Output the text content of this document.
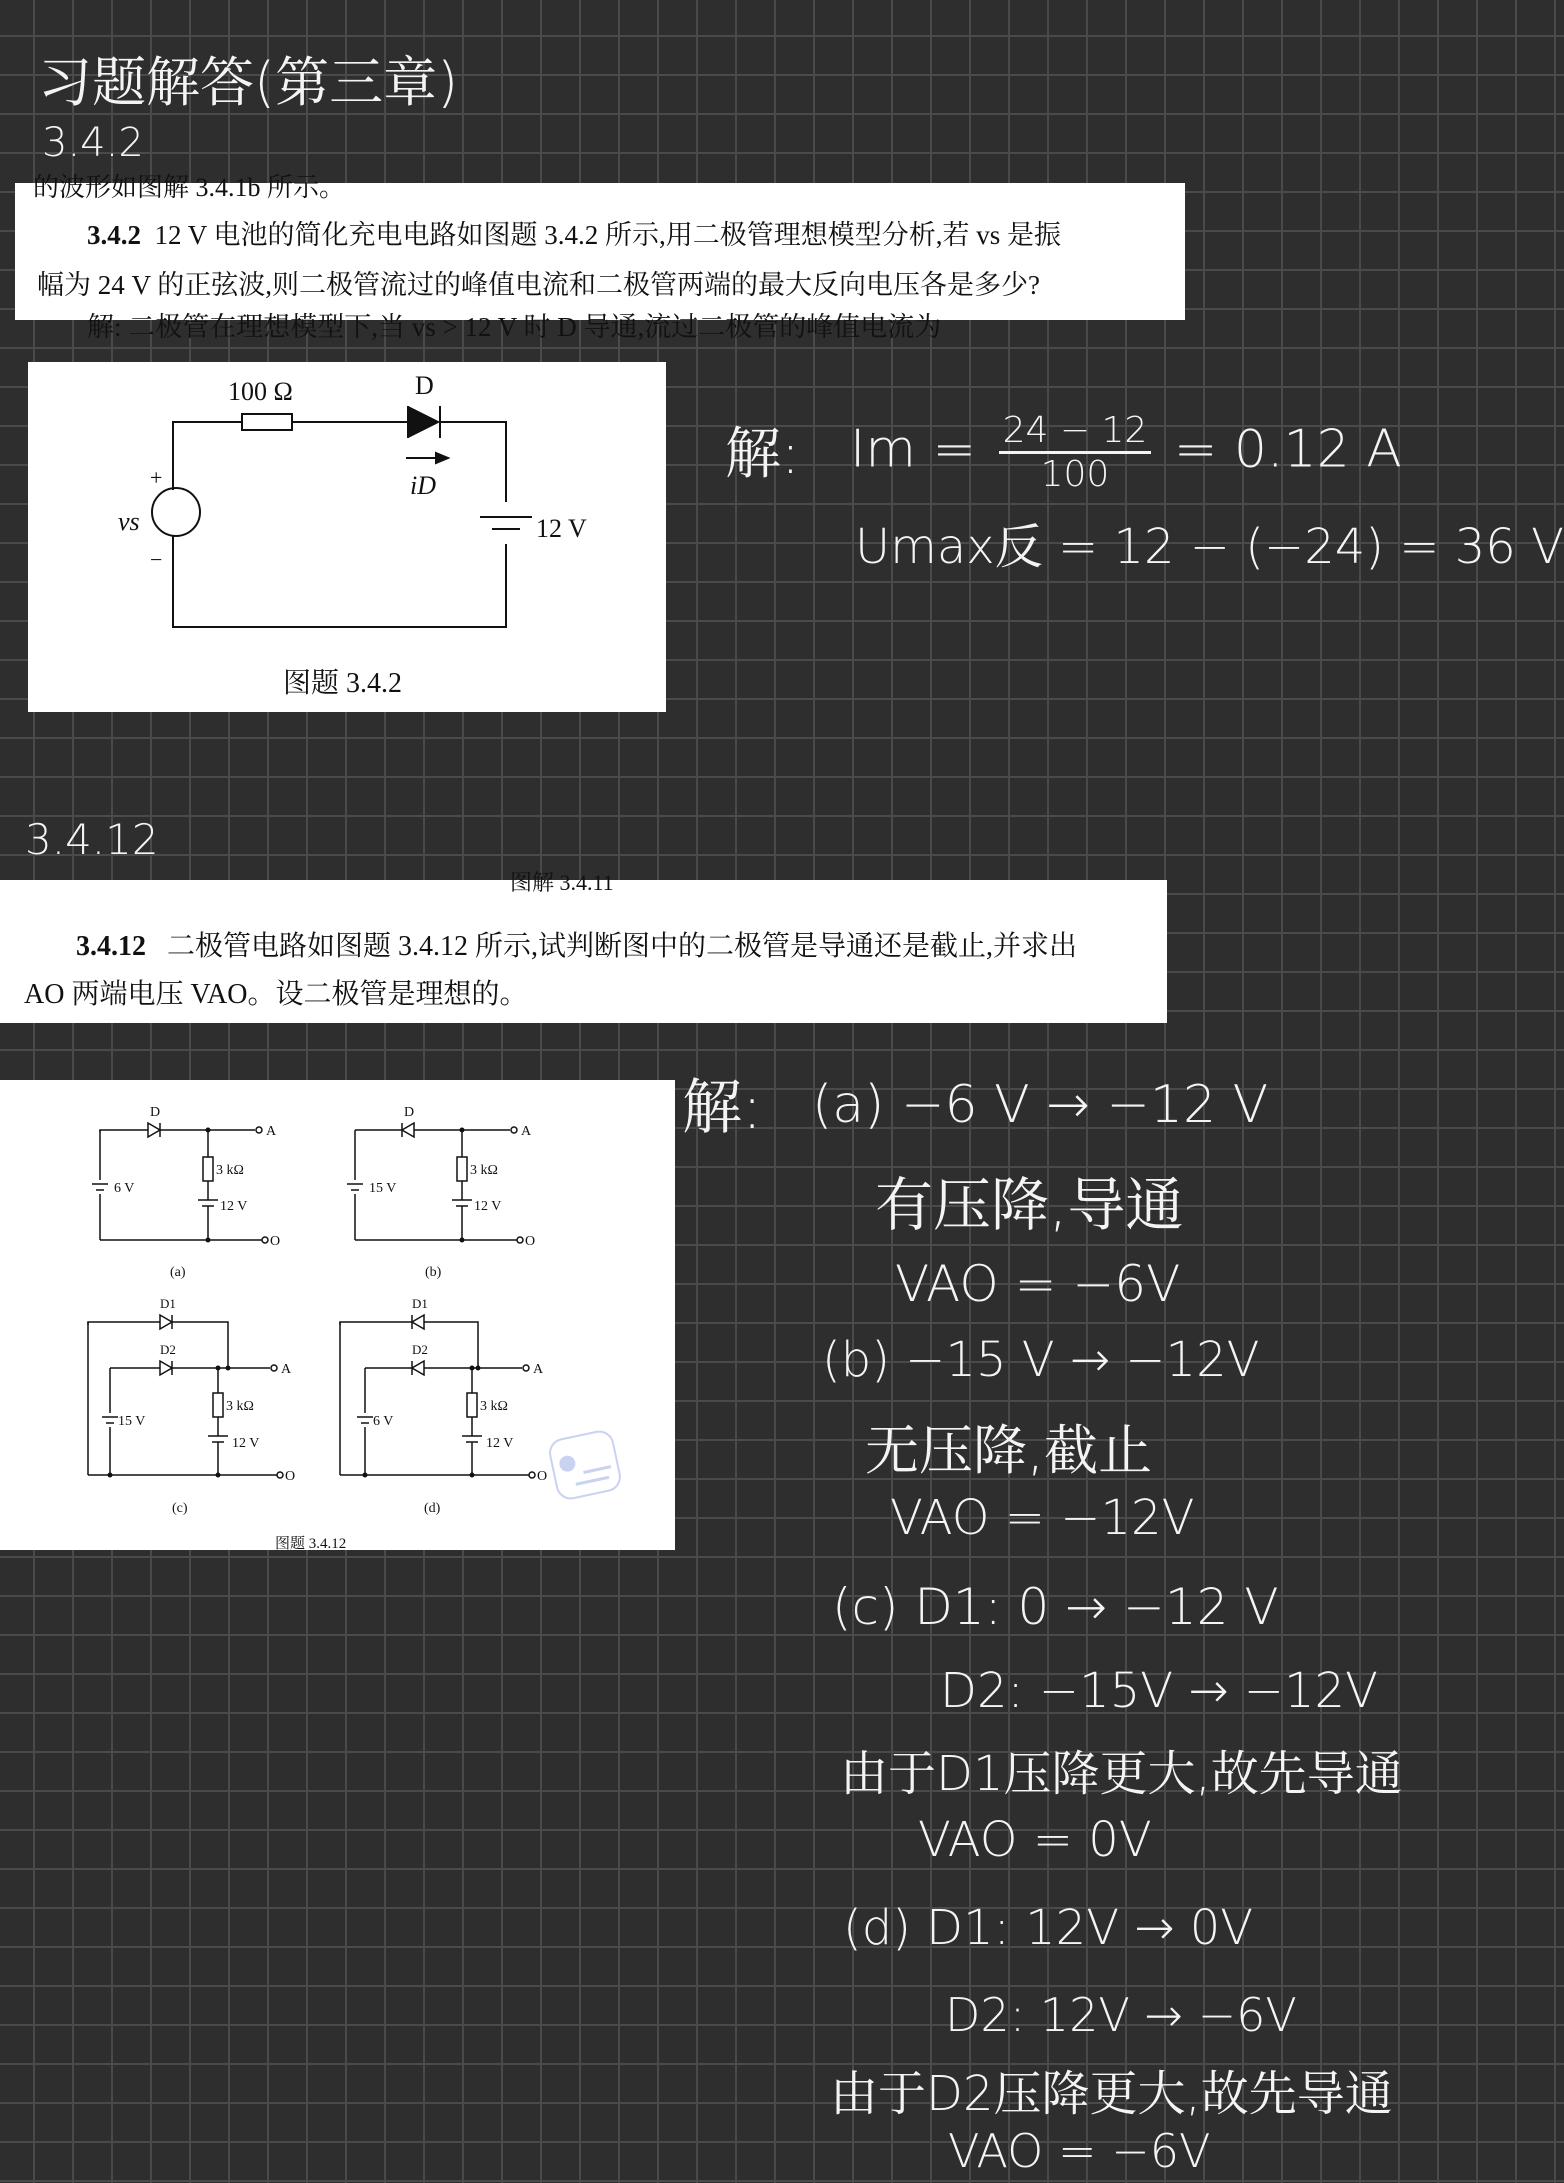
习题解答(第三章)
3.4.2
的波形如图解 3.4.1b 所示。
3.4.2 12 V 电池的简化充电电路如图题 3.4.2 所示,用二极管理想模型分析,若 vs 是振
幅为 24 V 的正弦波,则二极管流过的峰值电流和二极管两端的最大反向电压各是多少?
解: 二极管在理想模型下,当 vs > 12 V 时 D 导通,流过二极管的峰值电流为
100 Ω	D
iD
vs
+
−
12 V
图题 3.4.2
解: $Im = \frac{24 - 12}{100} = 0.12$ A
Umax反 = 12 − (−24) = 36 V
3.4.12
图解 3.4.11
3.4.12 二极管电路如图题 3.4.12 所示,试判断图中的二极管是导通还是截止,并求出
AO 两端电压 VAO。设二极管是理想的。
D
A
O
3 kΩ
12 V
6 V
(a)
D
A
O
3 kΩ
12 V
15 V
(b)
D1
D2
A
O
3 kΩ
12 V
15 V
(c)
D1
D2
A
O
3 kΩ
12 V
6 V
(d)
图题 3.4.12
解: (a) −6 V → −12 V
有压降,导通
VAO = −6V
(b) −15 V → −12V
无压降,截止
VAO = −12V
(c) D1: 0 → −12 V
D2: −15V → −12V
由于D1压降更大,故先导通
VAO = 0V
(d) D1: 12V → 0V
D2: 12V → −6V
由于D2压降更大,故先导通
VAO = −6V
